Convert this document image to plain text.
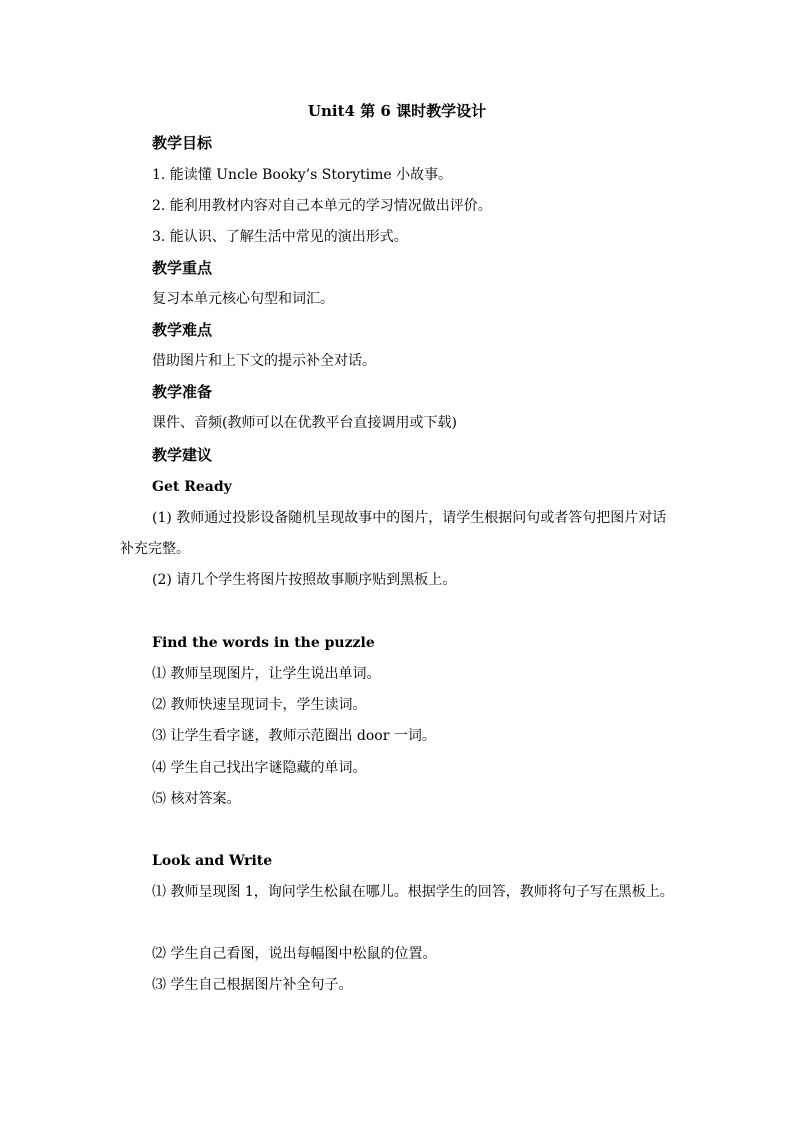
Unit4 第 6 课时教学设计
教学目标
1. 能读懂 Uncle Booky’s Storytime 小故事。
2. 能利用教材内容对自己本单元的学习情况做出评价。
3. 能认识、了解生活中常见的演出形式。
教学重点
复习本单元核心句型和词汇。
教学难点
借助图片和上下文的提示补全对话。
教学准备
课件、音频(教师可以在优教平台直接调用或下载)
教学建议
Get Ready
(1) 教师通过投影设备随机呈现故事中的图片，请学生根据问句或者答句把图片对话补充完整。
(2) 请几个学生将图片按照故事顺序贴到黑板上。
Find the words in the puzzle
⑴ 教师呈现图片，让学生说出单词。
⑵ 教师快速呈现词卡，学生读词。
⑶ 让学生看字谜，教师示范圈出 door 一词。
⑷ 学生自己找出字谜隐藏的单词。
⑸ 核对答案。
Look and Write
⑴ 教师呈现图 1，询问学生松鼠在哪儿。根据学生的回答，教师将句子写在黑板上。
⑵ 学生自己看图，说出每幅图中松鼠的位置。
⑶ 学生自己根据图片补全句子。
